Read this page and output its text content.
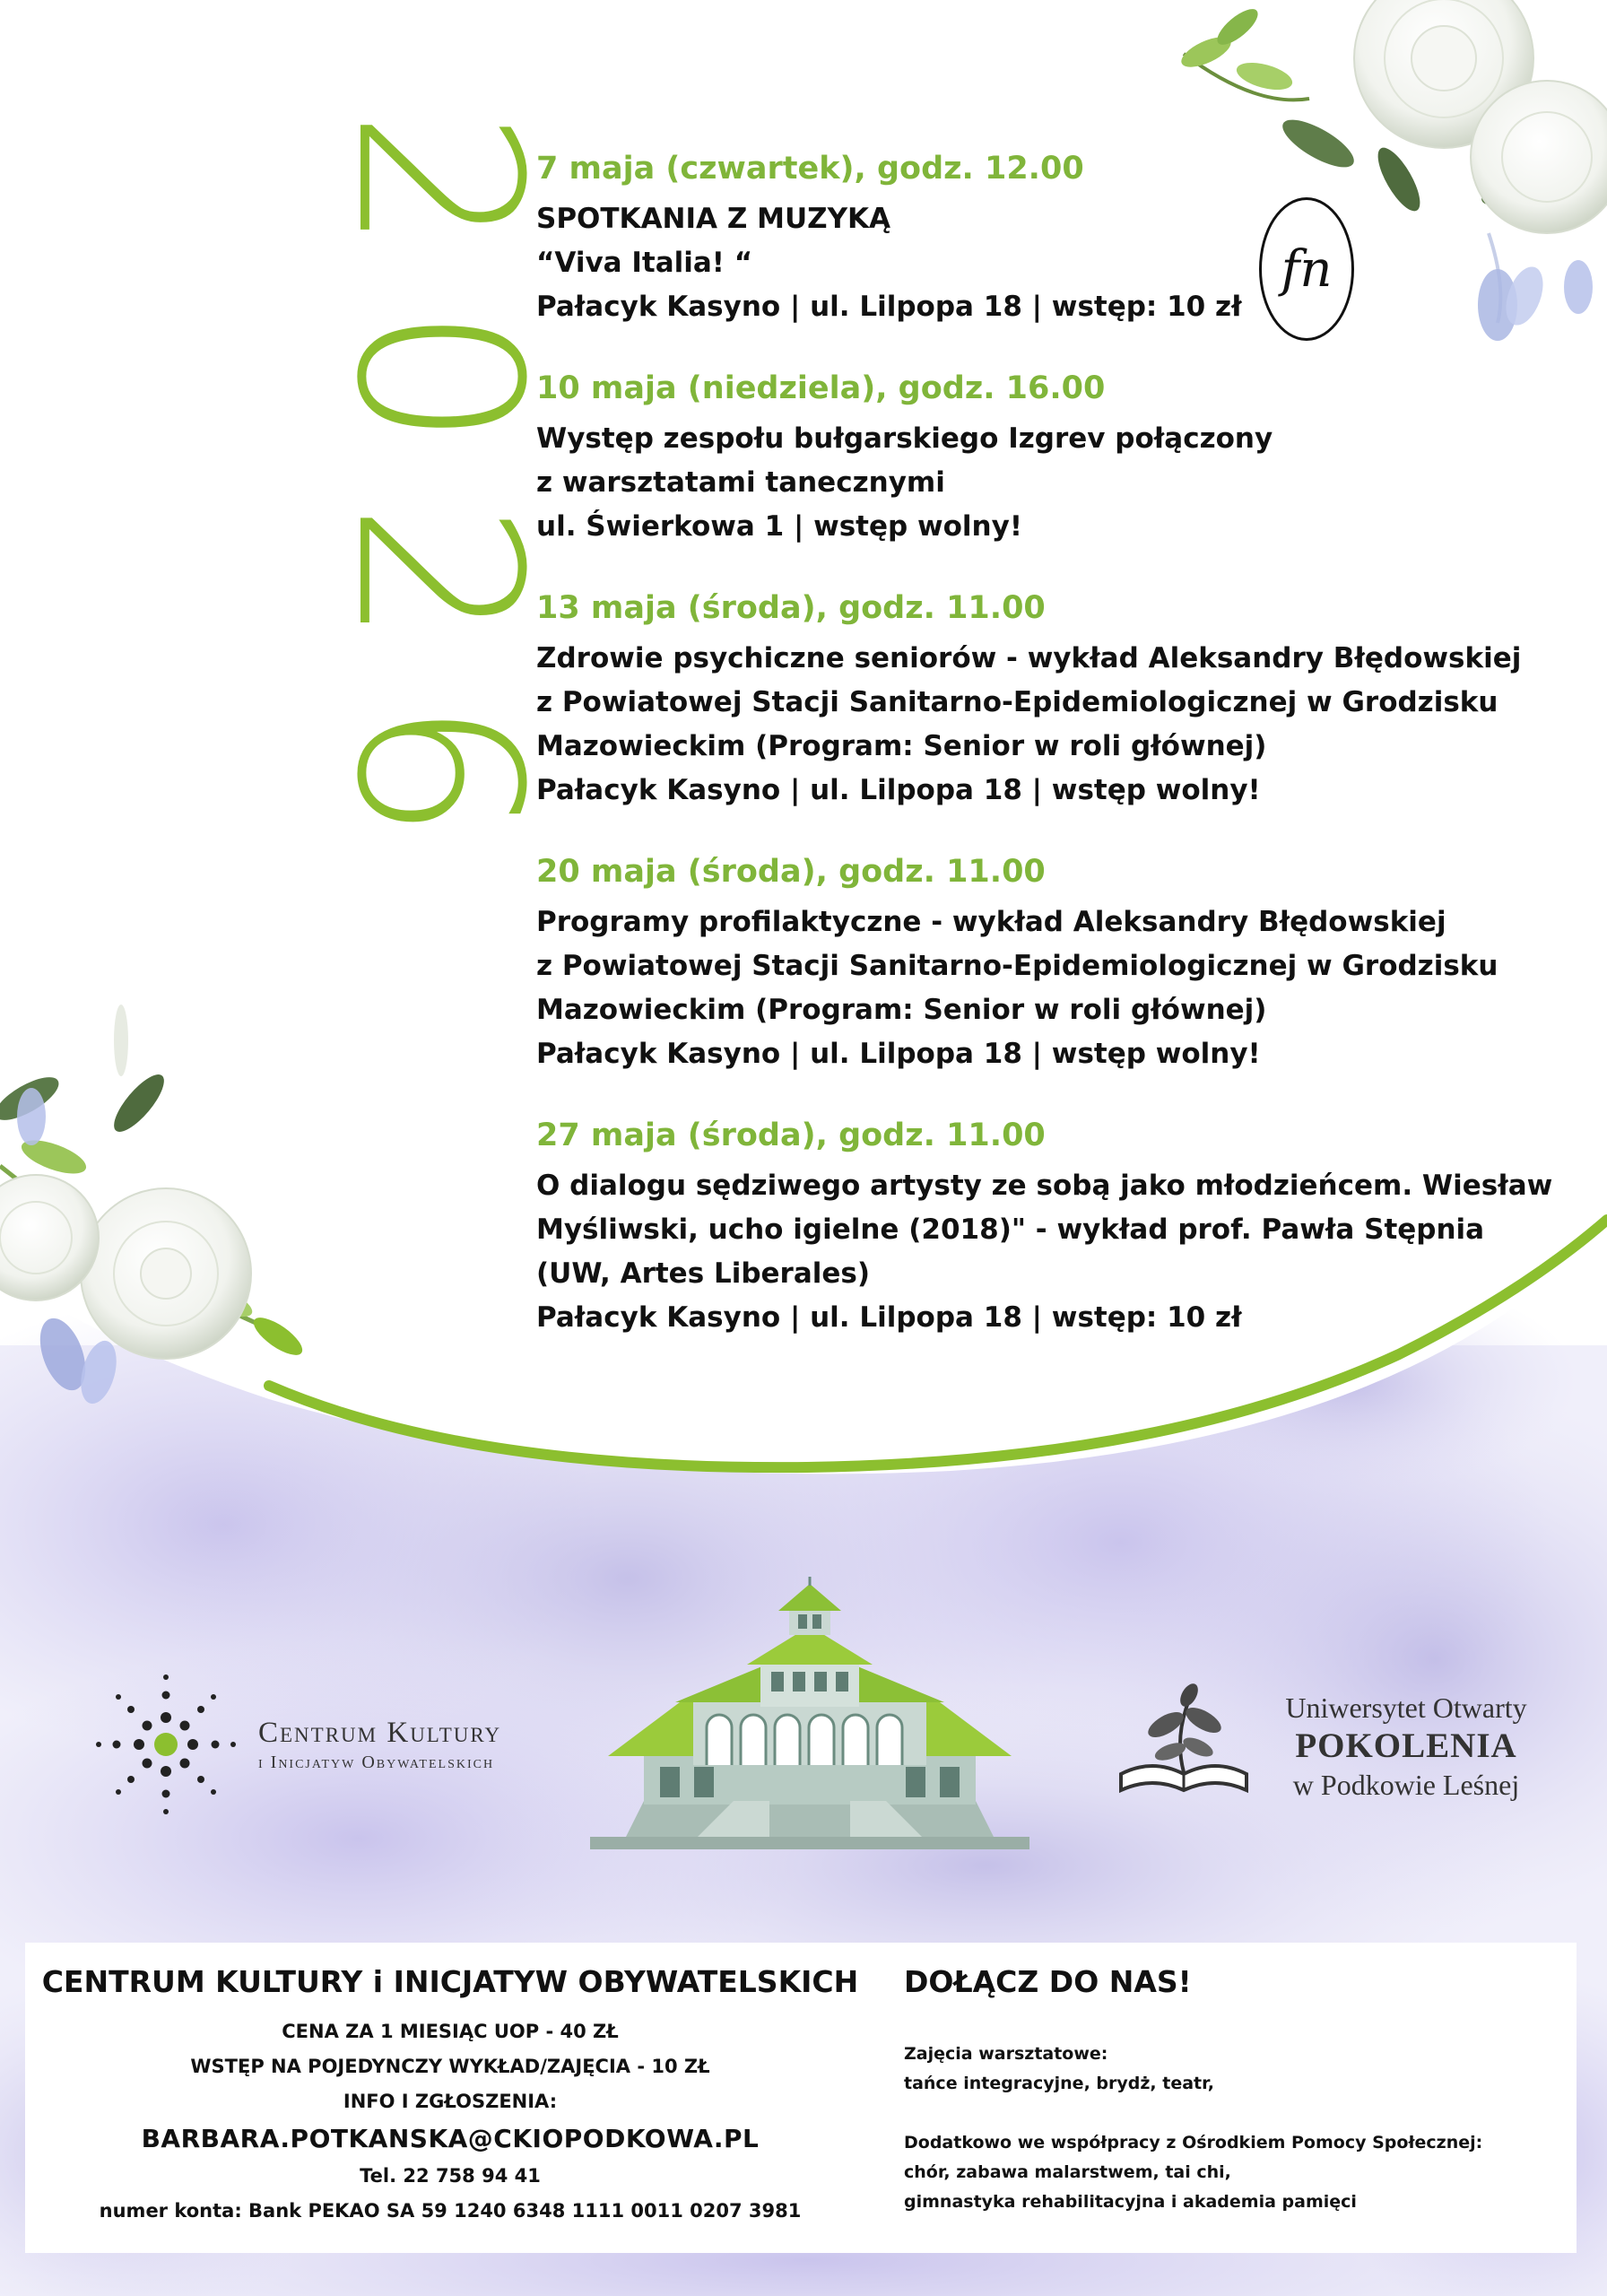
2026	fn
7 maja (czwartek), godz. 12.00
SPOTKANIA Z MUZYKĄ
“Viva Italia! “
Pałacyk Kasyno | ul. Lilpopa 18 | wstęp: 10 zł
10 maja (niedziela), godz. 16.00
Występ zespołu bułgarskiego Izgrev połączony
z warsztatami tanecznymi
ul. Świerkowa 1 | wstęp wolny!
13 maja (środa), godz. 11.00
Zdrowie psychiczne seniorów - wykład Aleksandry Błędowskiej
z Powiatowej Stacji Sanitarno-Epidemiologicznej w Grodzisku
Mazowieckim (Program: Senior w roli głównej)
Pałacyk Kasyno | ul. Lilpopa 18 | wstęp wolny!
20 maja (środa), godz. 11.00
Programy profilaktyczne - wykład Aleksandry Błędowskiej
z Powiatowej Stacji Sanitarno-Epidemiologicznej w Grodzisku
Mazowieckim (Program: Senior w roli głównej)
Pałacyk Kasyno | ul. Lilpopa 18 | wstęp wolny!
27 maja (środa), godz. 11.00
O dialogu sędziwego artysty ze sobą jako młodzieńcem. Wiesław
Myśliwski, ucho igielne (2018)" - wykład prof. Pawła Stępnia
(UW, Artes Liberales)
Pałacyk Kasyno | ul. Lilpopa 18 | wstęp: 10 zł
Centrum Kultury
i Inicjatyw Obywatelskich
Uniwersytet Otwarty
POKOLENIA
w Podkowie Leśnej
CENTRUM KULTURY i INICJATYW OBYWATELSKICH
CENA ZA 1 MIESIĄC UOP - 40 ZŁ
WSTĘP NA POJEDYNCZY WYKŁAD/ZAJĘCIA - 10 ZŁ
INFO I ZGŁOSZENIA:
BARBARA.POTKANSKA@CKIOPODKOWA.PL
Tel. 22 758 94 41
numer konta: Bank PEKAO SA 59 1240 6348 1111 0011 0207 3981
DOŁĄCZ DO NAS!
Zajęcia warsztatowe:
tańce integracyjne, brydż, teatr,
Dodatkowo we współpracy z Ośrodkiem Pomocy Społecznej:
chór, zabawa malarstwem, tai chi,
gimnastyka rehabilitacyjna i akademia pamięci
